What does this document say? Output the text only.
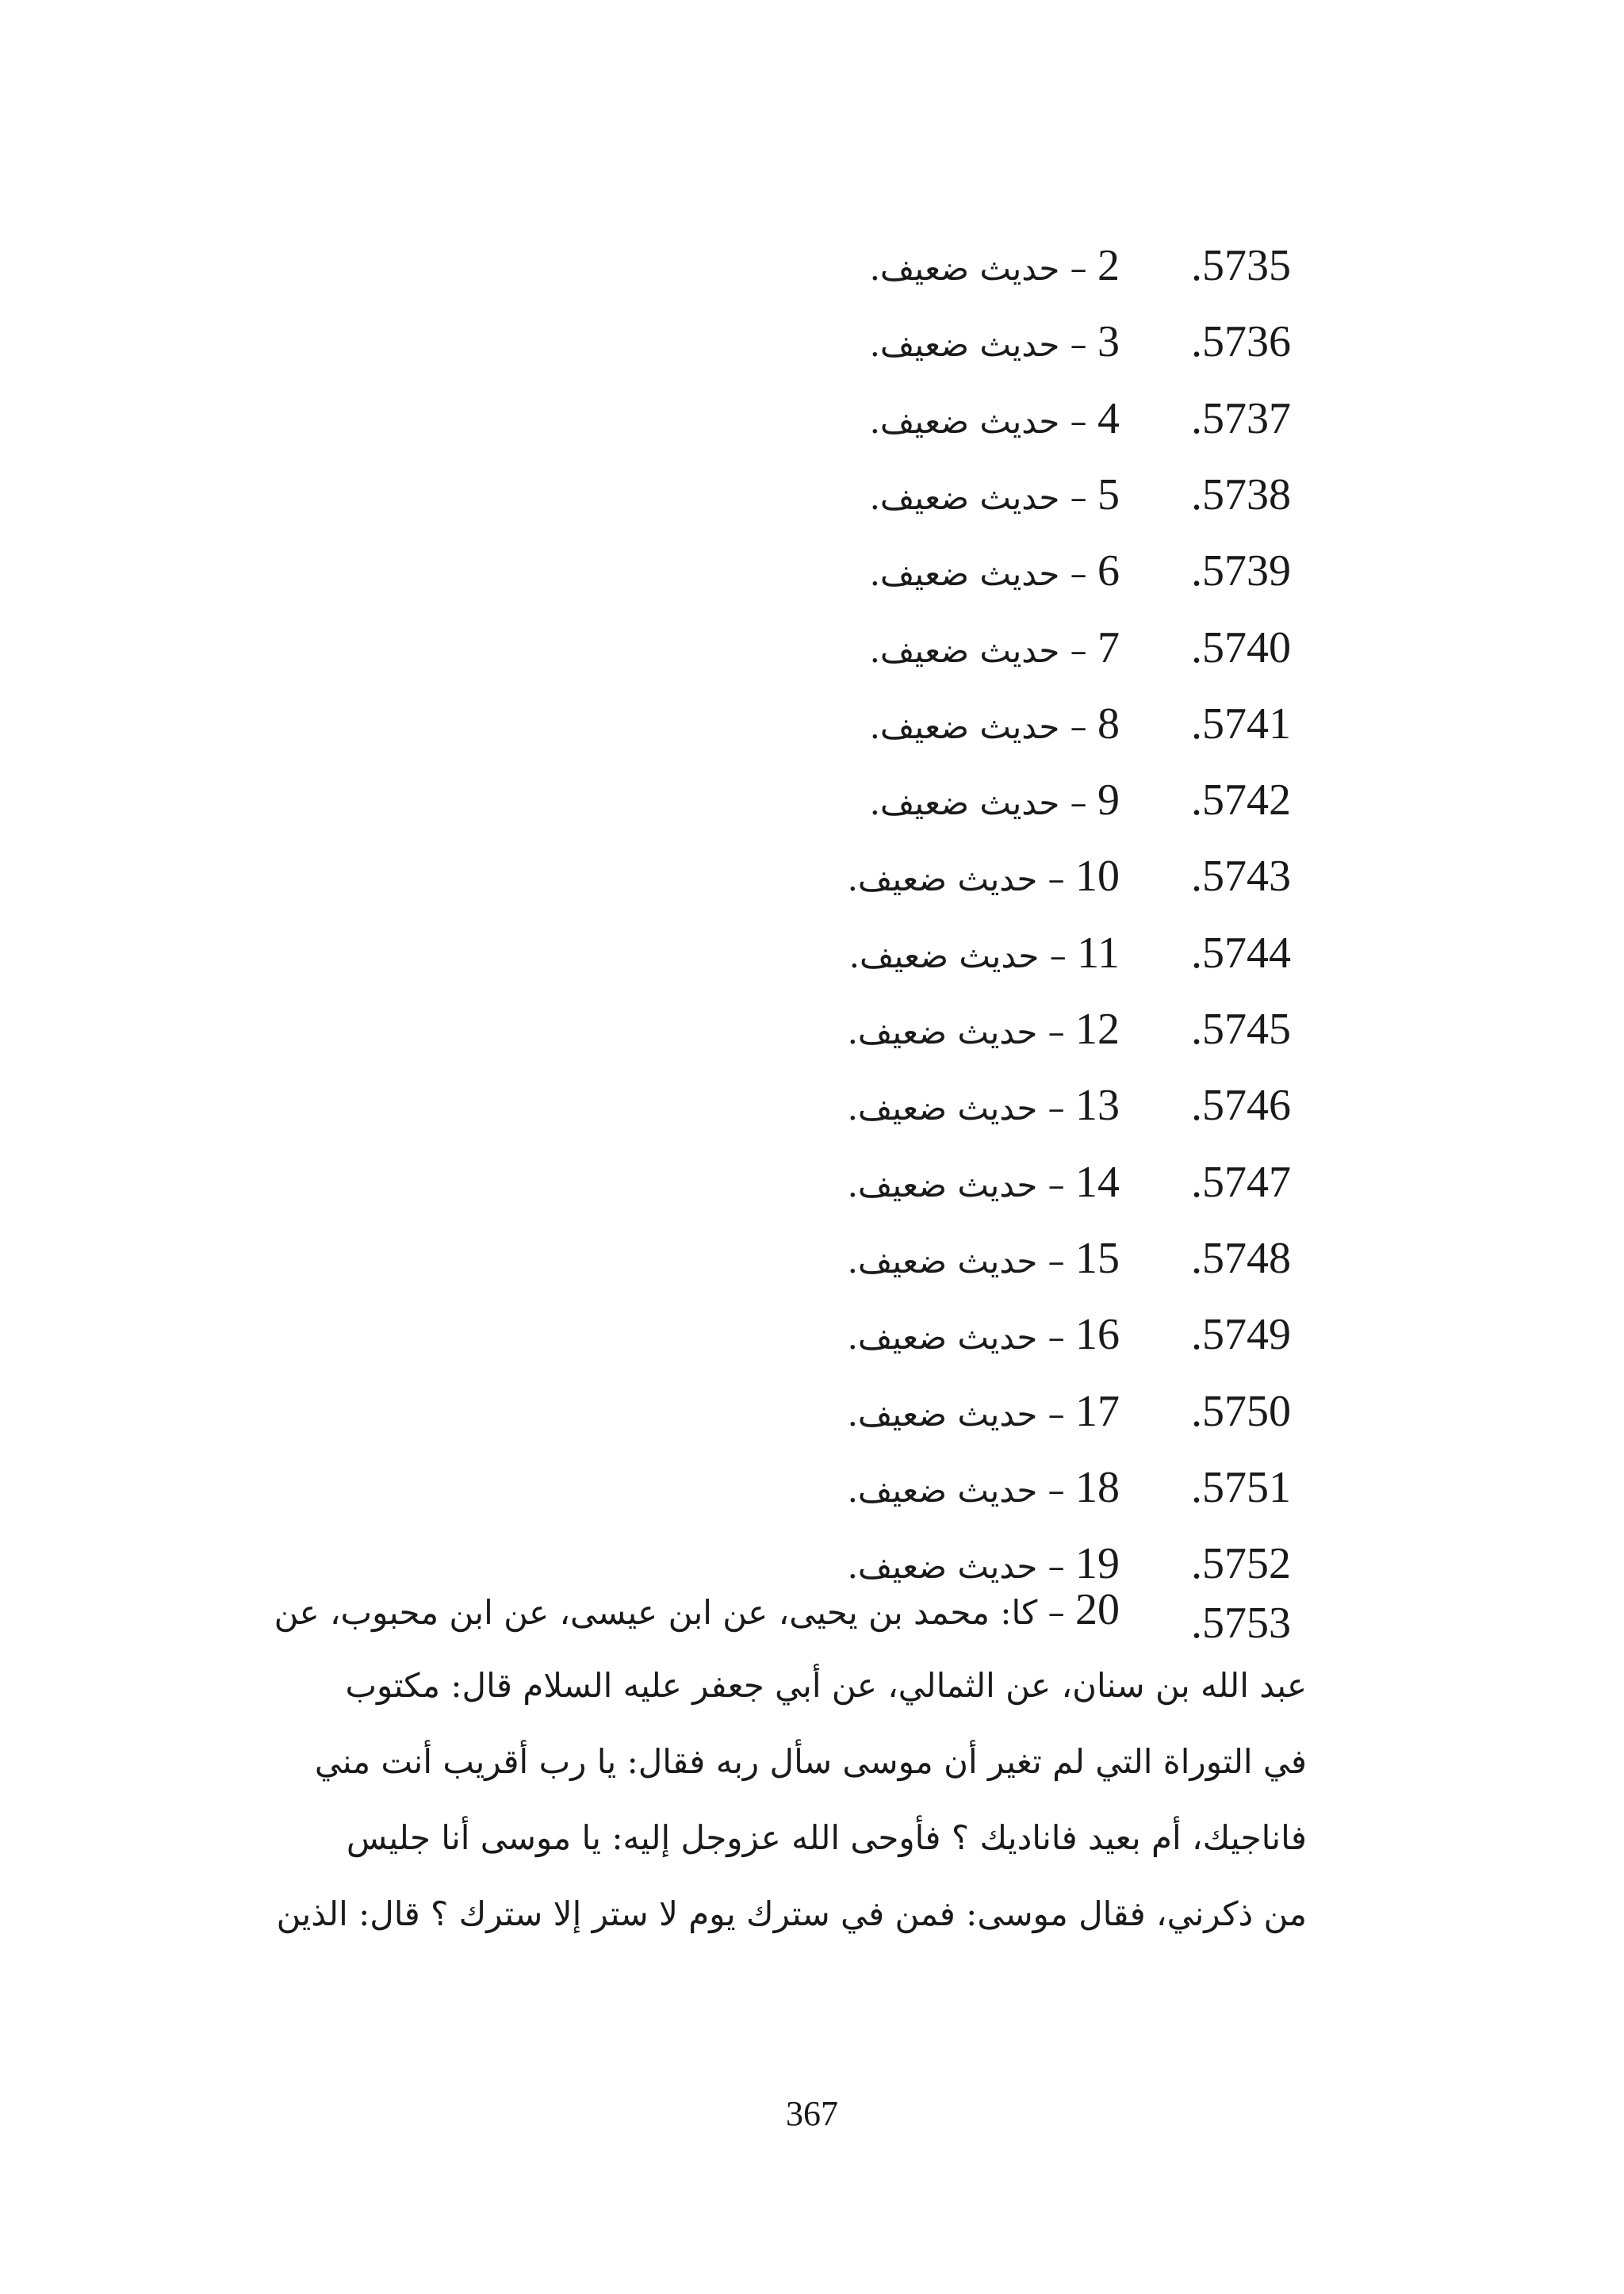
5735.
2 – حديث ضعيف.
5736.
3 – حديث ضعيف.
5737.
4 – حديث ضعيف.
5738.
5 – حديث ضعيف.
5739.
6 – حديث ضعيف.
5740.
7 – حديث ضعيف.
5741.
8 – حديث ضعيف.
5742.
9 – حديث ضعيف.
5743.
10 – حديث ضعيف.
5744.
11 – حديث ضعيف.
5745.
12 – حديث ضعيف.
5746.
13 – حديث ضعيف.
5747.
14 – حديث ضعيف.
5748.
15 – حديث ضعيف.
5749.
16 – حديث ضعيف.
5750.
17 – حديث ضعيف.
5751.
18 – حديث ضعيف.
5752.
19 – حديث ضعيف.
5753.
20 – كا: محمد بن يحيى، عن ابن عيسى، عن ابن محبوب، عن
عبد الله بن سنان، عن الثمالي، عن أبي جعفر عليه السلام قال: مكتوب
في التوراة التي لم تغير أن موسى سأل ربه فقال: يا رب أقريب أنت مني
فاناجيك، أم بعيد فاناديك ؟ فأوحى الله عزوجل إليه: يا موسى أنا جليس
من ذكرني، فقال موسى: فمن في سترك يوم لا ستر إلا سترك ؟ قال: الذين
367
